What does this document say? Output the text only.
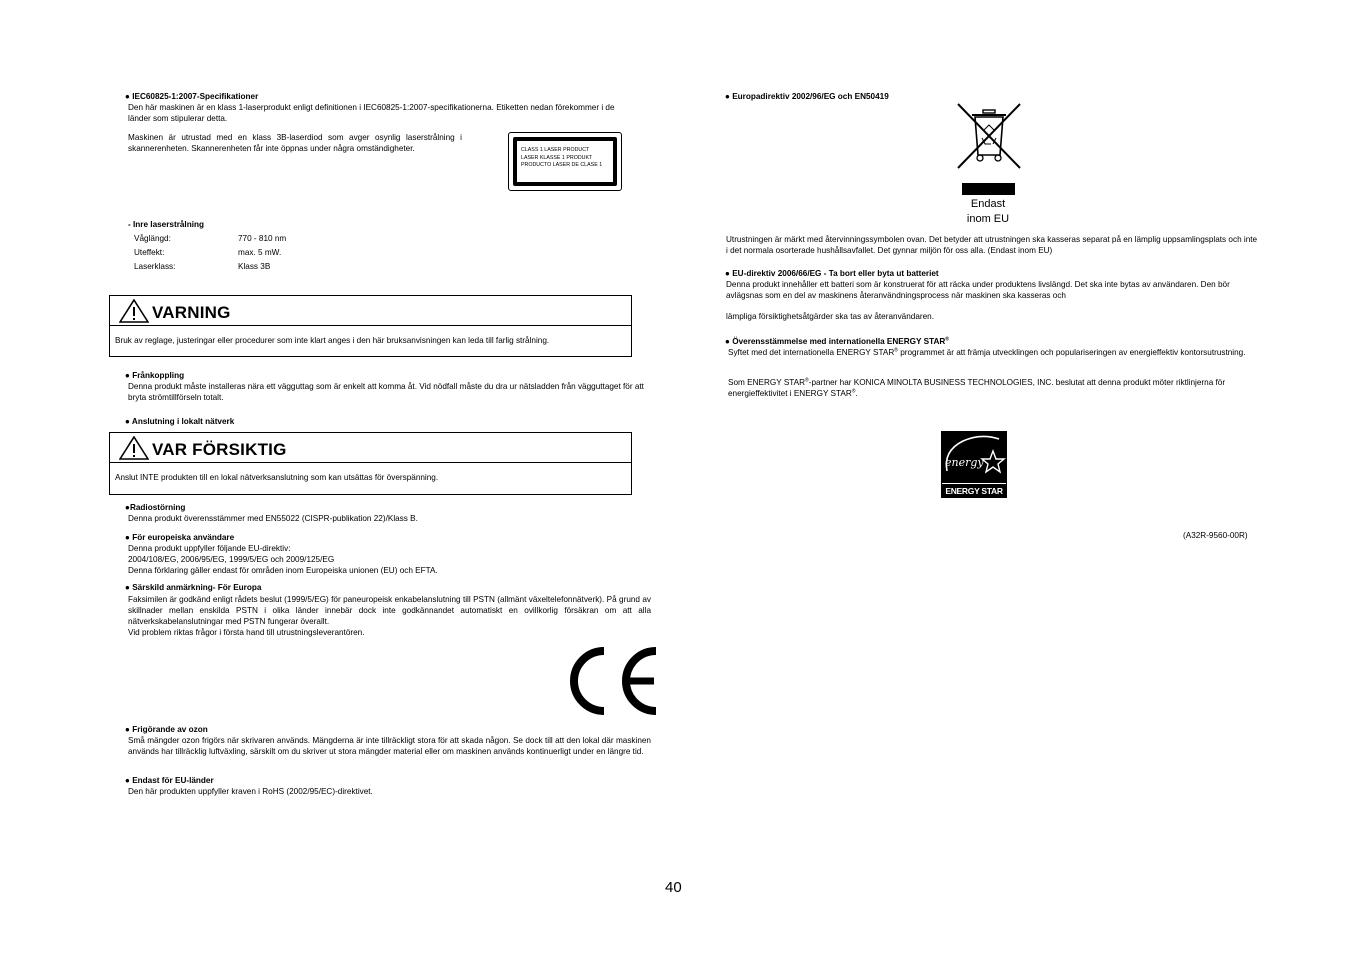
● IEC60825-1:2007-Specifikationer
Den här maskinen är en klass 1-laserprodukt enligt definitionen i IEC60825-1:2007-specifikationerna. Etiketten nedan förekommer i de länder som stipulerar detta.
Maskinen är utrustad med en klass 3B-laserdiod som avger osynlig laserstrålning i skannerenheten. Skannerenheten får inte öppnas under några omständigheter.	CLASS 1 LASER PRODUCT
LASER KLASSE 1 PRODUKT
PRODUCTO LASER DE CLASE 1
- Inre laserstrålning
Våglängd:	770 - 810 nm
Uteffekt:	max. 5 mW.
Laserklass:	Klass 3B
VARNING
Bruk av reglage, justeringar eller procedurer som inte klart anges i den här bruksanvisningen kan leda till farlig strålning.
● Frånkoppling
Denna produkt måste installeras nära ett vägguttag som är enkelt att komma åt. Vid nödfall måste du dra ur nätsladden från vägguttaget för att bryta strömtillförseln totalt.
● Anslutning i lokalt nätverk
VAR FÖRSIKTIG
Anslut INTE produkten till en lokal nätverksanslutning som kan utsättas för överspänning.
●Radiostörning
Denna produkt överensstämmer med EN55022 (CISPR-publikation 22)/Klass B.
● För europeiska användare
Denna produkt uppfyller följande EU-direktiv:
2004/108/EG, 2006/95/EG, 1999/5/EG och 2009/125/EG
Denna förklaring gäller endast för områden inom Europeiska unionen (EU) och EFTA.
● Särskild anmärkning- För Europa
Faksimilen är godkänd enligt rådets beslut (1999/5/EG) för paneuropeisk enkabelanslutning till PSTN (allmänt växeltelefonnätverk). På grund av skillnader mellan enskilda PSTN i olika länder innebär dock inte godkännandet automatiskt en ovillkorlig försäkran om att alla nätverkskabelanslutningar med PSTN fungerar överallt.
Vid problem riktas frågor i första hand till utrustningsleverantören.
● Frigörande av ozon
Små mängder ozon frigörs när skrivaren används. Mängderna är inte tillräckligt stora för att skada någon. Se dock till att den lokal där maskinen används har tillräcklig luftväxling, särskilt om du skriver ut stora mängder material eller om maskinen används kontinuerligt under en längre tid.
● Endast för EU-länder
Den här produkten uppfyller kraven i RoHS (2002/95/EC)-direktivet.
● Europadirektiv 2002/96/EG och EN50419
Endast
inom EU
Utrustningen är märkt med återvinningssymbolen ovan. Det betyder att utrustningen ska kasseras separat på en lämplig uppsamlingsplats och inte i det normala osorterade hushållsavfallet. Det gynnar miljön för oss alla. (Endast inom EU)
● EU-direktiv 2006/66/EG - Ta bort eller byta ut batteriet
Denna produkt innehåller ett batteri som är konstruerat för att räcka under produktens livslängd. Det ska inte bytas av användaren. Den bör avlägsnas som en del av maskinens återanvändningsprocess när maskinen ska kasseras och
lämpliga försiktighetsåtgärder ska tas av återanvändaren.
● Överensstämmelse med internationella ENERGY STAR®
Syftet med det internationella ENERGY STAR® programmet är att främja utvecklingen och populariseringen av energieffektiv kontorsutrustning.
Som ENERGY STAR®-partner har KONICA MINOLTA BUSINESS TECHNOLOGIES, INC. beslutat att denna produkt möter riktlinjerna för energieffektivitet i ENERGY STAR®.
energy
ENERGY STAR
(A32R-9560-00R)
40
